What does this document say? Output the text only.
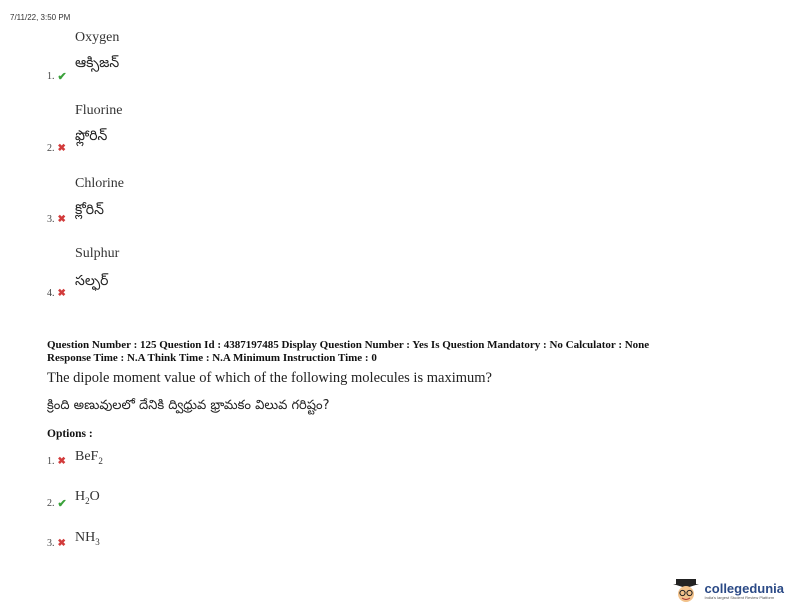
7/11/22, 3:50 PM
Oxygen
ఆక్సిజన్
1. ✔
Fluorine
ఫ్లోరిన్
2. ✖
Chlorine
క్లోరిన్
3. ✖
Sulphur
సల్ఫర్
4. ✖
Question Number : 125 Question Id : 4387197485 Display Question Number : Yes Is Question Mandatory : No Calculator : None
Response Time : N.A Think Time : N.A Minimum Instruction Time : 0
The dipole moment value of which of the following molecules is maximum?
క్రింది అణువులలో దేనికి ద్విధ్రువ భ్రామకం విలువ గరిష్టం?
Options :
1. ✖ BeF$_2$
2. ✔ $H_2O$
3. ✖ $NH_3$
collegedunia
India's largest Student Review Platform
